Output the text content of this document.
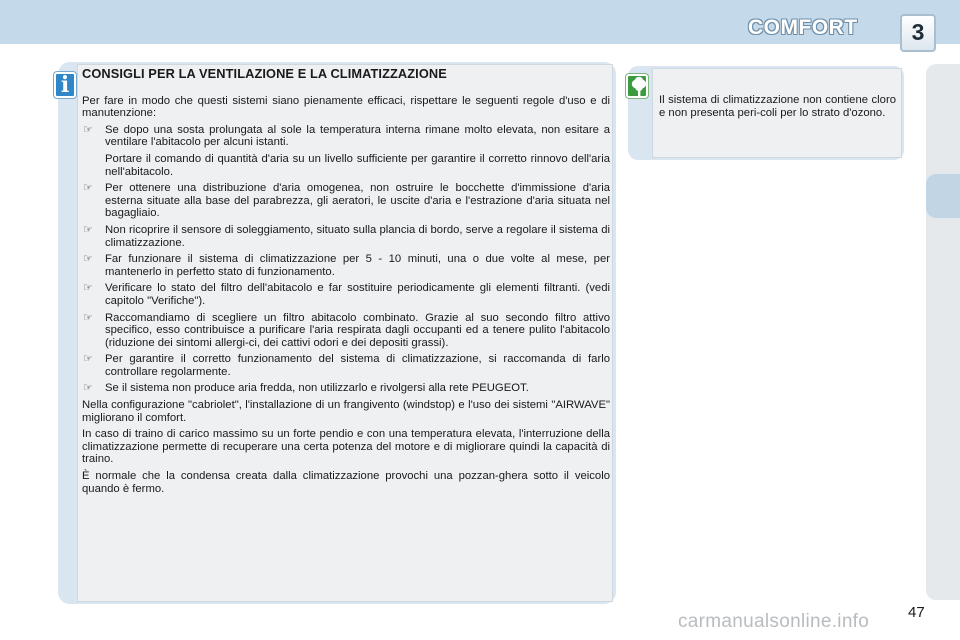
COMFORT	3
i	CONSIGLI PER LA VENTILAZIONE E LA CLIMATIZZAZIONE
Per fare in modo che questi sistemi siano pienamente efficaci, rispettare le seguenti regole d'uso e di manutenzione:
☞ Se dopo una sosta prolungata al sole la temperatura interna rimane molto elevata, non esitare a ventilare l'abitacolo per alcuni istanti.
Portare il comando di quantità d'aria su un livello sufficiente per garantire il corretto rinnovo dell'aria nell'abitacolo.
☞ Per ottenere una distribuzione d'aria omogenea, non ostruire le bocchette d'immissione d'aria esterna situate alla base del parabrezza, gli aeratori, le uscite d'aria e l'estrazione d'aria situata nel bagagliaio.
☞ Non ricoprire il sensore di soleggiamento, situato sulla plancia di bordo, serve a regolare il sistema di climatizzazione.
☞ Far funzionare il sistema di climatizzazione per 5 - 10 minuti, una o due volte al mese, per mantenerlo in perfetto stato di funzionamento.
☞ Verificare lo stato del filtro dell'abitacolo e far sostituire periodicamente gli elementi filtranti. (vedi capitolo "Verifiche").
☞ Raccomandiamo di scegliere un filtro abitacolo combinato. Grazie al suo secondo filtro attivo specifico, esso contribuisce a purificare l'aria respirata dagli occupanti ed a tenere pulito l'abitacolo (riduzione dei sintomi allergi-ci, dei cattivi odori e dei depositi grassi).
☞ Per garantire il corretto funzionamento del sistema di climatizzazione, si raccomanda di farlo controllare regolarmente.
☞ Se il sistema non produce aria fredda, non utilizzarlo e rivolgersi alla rete PEUGEOT.
Nella configurazione "cabriolet", l'installazione di un frangivento (windstop) e l'uso dei sistemi "AIRWAVE" migliorano il comfort.
In caso di traino di carico massimo su un forte pendio e con una temperatura elevata, l'interruzione della climatizzazione permette di recuperare una certa potenza del motore e di migliorare quindi la capacità di traino.
È normale che la condensa creata dalla climatizzazione provochi una pozzan-ghera sotto il veicolo quando è fermo.
Il sistema di climatizzazione non contiene cloro e non presenta peri-coli per lo strato d'ozono.
47
carmanualsonline.info
